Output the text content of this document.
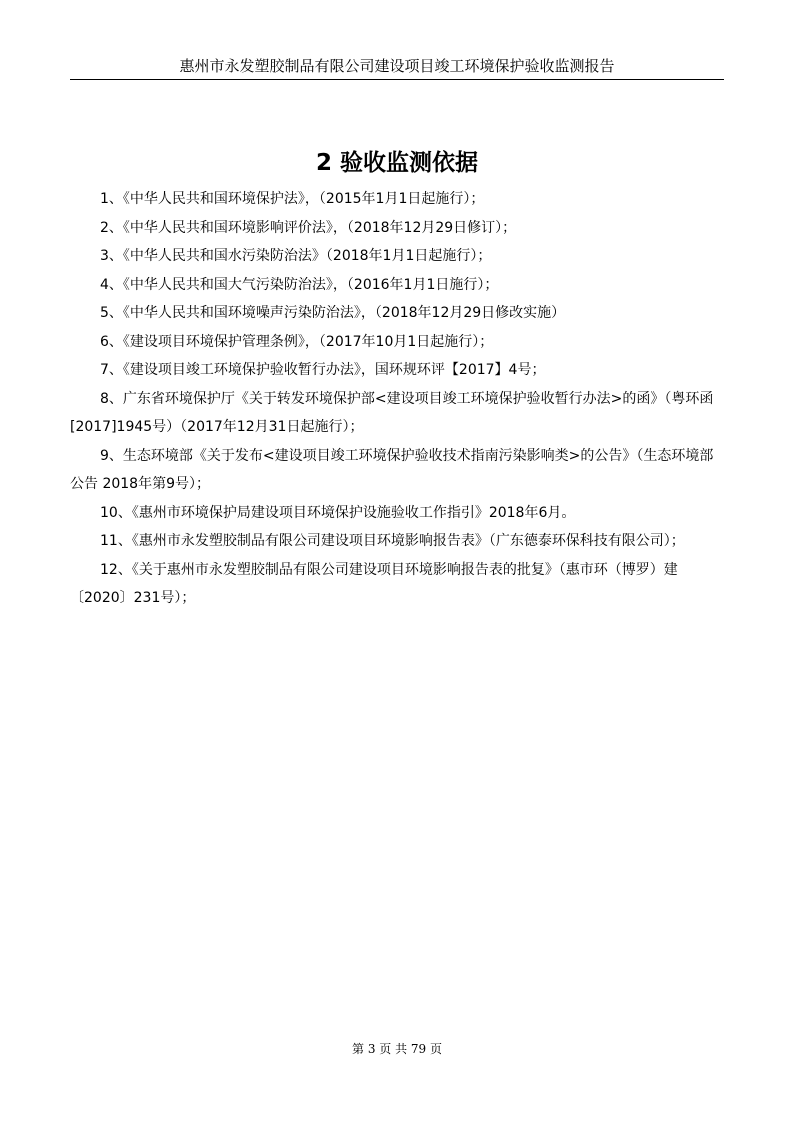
惠州市永发塑胶制品有限公司建设项目竣工环境保护验收监测报告
2 验收监测依据
1、《中华人民共和国环境保护法》，（2015年1月1日起施行）；
2、《中华人民共和国环境影响评价法》，（2018年12月29日修订）；
3、《中华人民共和国水污染防治法》（2018年1月1日起施行）；
4、《中华人民共和国大气污染防治法》，（2016年1月1日施行）；
5、《中华人民共和国环境噪声污染防治法》，（2018年12月29日修改实施）
6、《建设项目环境保护管理条例》，（2017年10月1日起施行）；
7、《建设项目竣工环境保护验收暂行办法》，国环规环评【2017】4号；
8、广东省环境保护厅《关于转发环境保护部<建设项目竣工环境保护验收暂行办法>的函》（粤环函[2017]1945号）（2017年12月31日起施行）；
9、生态环境部《关于发布<建设项目竣工环境保护验收技术指南污染影响类>的公告》（生态环境部 公告 2018年第9号）；
10、《惠州市环境保护局建设项目环境保护设施验收工作指引》2018年6月。
11、《惠州市永发塑胶制品有限公司建设项目环境影响报告表》（广东德泰环保科技有限公司）；
12、《关于惠州市永发塑胶制品有限公司建设项目环境影响报告表的批复》（惠市环（博罗）建〔2020〕231号）；
第 3 页 共 79 页
